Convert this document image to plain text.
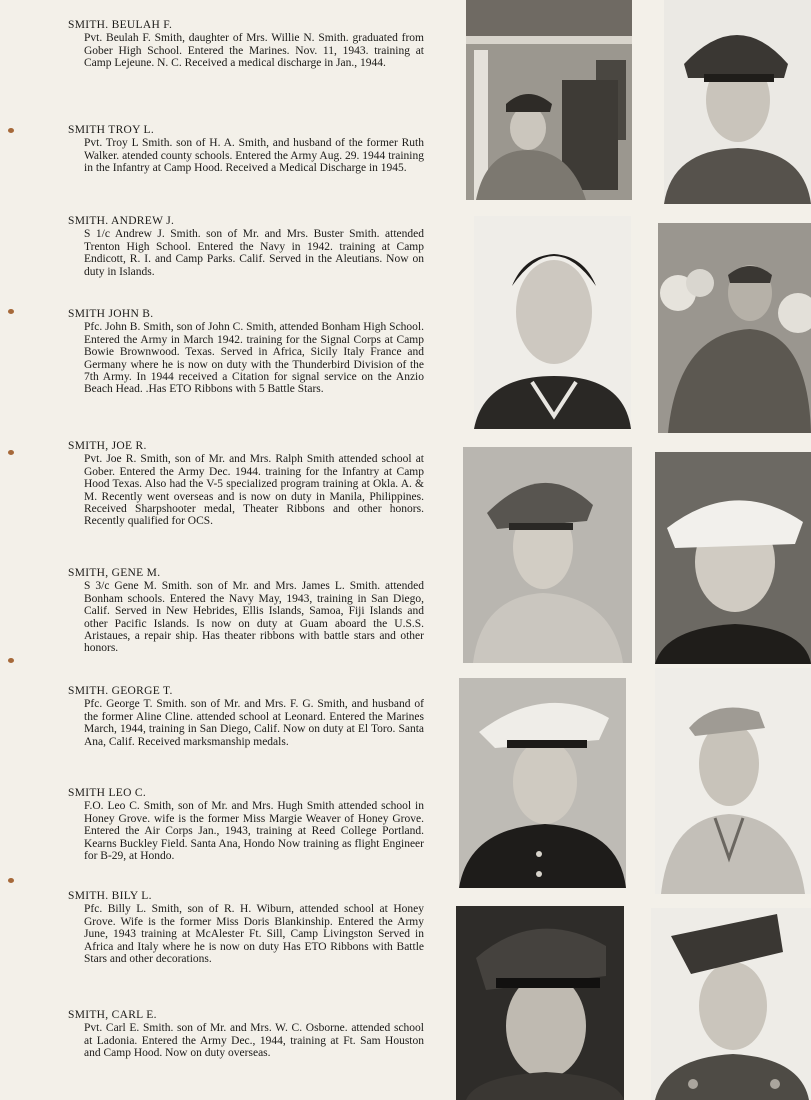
SMITH. BEULAH F.
Pvt. Beulah F. Smith, daughter of Mrs. Willie N. Smith. graduated from Gober High School. Entered the Marines. Nov. 11, 1943. training at Camp Lejeune. N. C. Received a medical discharge in Jan., 1944.
SMITH TROY L.
Pvt. Troy L Smith. son of H. A. Smith, and husband of the former Ruth Walker. atended county schools. Entered the Army Aug. 29. 1944 training in the Infantry at Camp Hood. Received a Medical Discharge in 1945.
SMITH. ANDREW J.
S 1/c Andrew J. Smith. son of Mr. and Mrs. Buster Smith. attended Trenton High School. Entered the Navy in 1942. training at Camp Endicott, R. I. and Camp Parks. Calif. Served in the Aleutians. Now on duty in Islands.
SMITH JOHN B.
Pfc. John B. Smith, son of John C. Smith, attended Bonham High School. Entered the Army in March 1942. training for the Signal Corps at Camp Bowie Brownwood. Texas. Served in Africa, Sicily Italy France and Germany where he is now on duty with the Thunderbird Division of the 7th Army. In 1944 received a Citation for signal service on the Anzio Beach Head. .Has ETO Ribbons with 5 Battle Stars.
SMITH, JOE R.
Pvt. Joe R. Smith, son of Mr. and Mrs. Ralph Smith attended school at Gober. Entered the Army Dec. 1944. training for the Infantry at Camp Hood Texas. Also had the V-5 specialized program training at Okla. A. & M. Recently went overseas and is now on duty in Manila, Philippines. Received Sharpshooter medal, Theater Ribbons and other honors. Recently qualified for OCS.
SMITH, GENE M.
S 3/c Gene M. Smith. son of Mr. and Mrs. James L. Smith. attended Bonham schools. Entered the Navy May, 1943, training in San Diego, Calif. Served in New Hebrides, Ellis Islands, Samoa, Fiji Islands and other Pacific Islands. Is now on duty at Guam aboard the U.S.S. Aristaues, a repair ship. Has theater ribbons with battle stars and other honors.
SMITH. GEORGE T.
Pfc. George T. Smith. son of Mr. and Mrs. F. G. Smith, and husband of the former Aline Cline. attended school at Leonard. Entered the Marines March, 1944, training in San Diego, Calif. Now on duty at El Toro. Santa Ana, Calif. Received marksmanship medals.
SMITH LEO C.
F.O. Leo C. Smith, son of Mr. and Mrs. Hugh Smith attended school in Honey Grove. wife is the former Miss Margie Weaver of Honey Grove. Entered the Air Corps Jan., 1943, training at Reed College Portland. Kearns Buckley Field. Santa Ana, Hondo Now training as flight Engineer for B-29, at Hondo.
SMITH. BILY L.
Pfc. Billy L. Smith, son of R. H. Wiburn, attended school at Honey Grove. Wife is the former Miss Doris Blankinship. Entered the Army June, 1943 training at McAlester Ft. Sill, Camp Livingston Served in Africa and Italy where he is now on duty Has ETO Ribbons with Battle Stars and other decorations.
SMITH, CARL E.
Pvt. Carl E. Smith. son of Mr. and Mrs. W. C. Osborne. attended school at Ladonia. Entered the Army Dec., 1944, training at Ft. Sam Houston and Camp Hood. Now on duty overseas.
